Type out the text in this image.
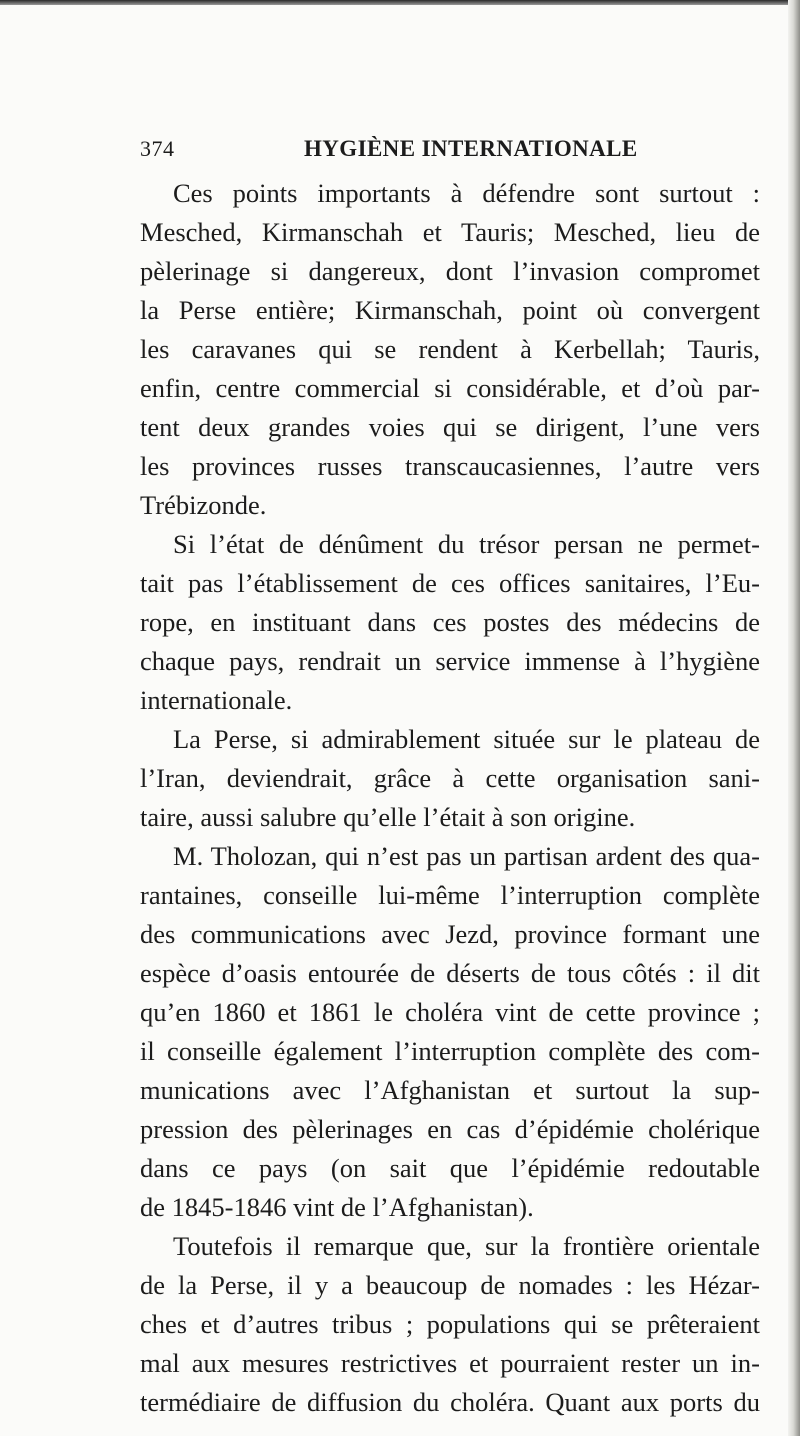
374	HYGIÈNE INTERNATIONALE
Ces points importants à défendre sont surtout :
Mesched, Kirmanschah et Tauris; Mesched, lieu de
pèlerinage si dangereux, dont l’invasion compromet
la Perse entière; Kirmanschah, point où convergent
les caravanes qui se rendent à Kerbellah; Tauris,
enfin, centre commercial si considérable, et d’où par-
tent deux grandes voies qui se dirigent, l’une vers
les provinces russes transcaucasiennes, l’autre vers
Trébizonde.
Si l’état de dénûment du trésor persan ne permet-
tait pas l’établissement de ces offices sanitaires, l’Eu-
rope, en instituant dans ces postes des médecins de
chaque pays, rendrait un service immense à l’hygiène
internationale.
La Perse, si admirablement située sur le plateau de
l’Iran, deviendrait, grâce à cette organisation sani-
taire, aussi salubre qu’elle l’était à son origine.
M. Tholozan, qui n’est pas un partisan ardent des qua-
rantaines, conseille lui-même l’interruption complète
des communications avec Jezd, province formant une
espèce d’oasis entourée de déserts de tous côtés : il dit
qu’en 1860 et 1861 le choléra vint de cette province ;
il conseille également l’interruption complète des com-
munications avec l’Afghanistan et surtout la sup-
pression des pèlerinages en cas d’épidémie cholérique
dans ce pays (on sait que l’épidémie redoutable
de 1845-1846 vint de l’Afghanistan).
Toutefois il remarque que, sur la frontière orientale
de la Perse, il y a beaucoup de nomades : les Hézar-
ches et d’autres tribus ; populations qui se prêteraient
mal aux mesures restrictives et pourraient rester un in-
termédiaire de diffusion du choléra. Quant aux ports du
